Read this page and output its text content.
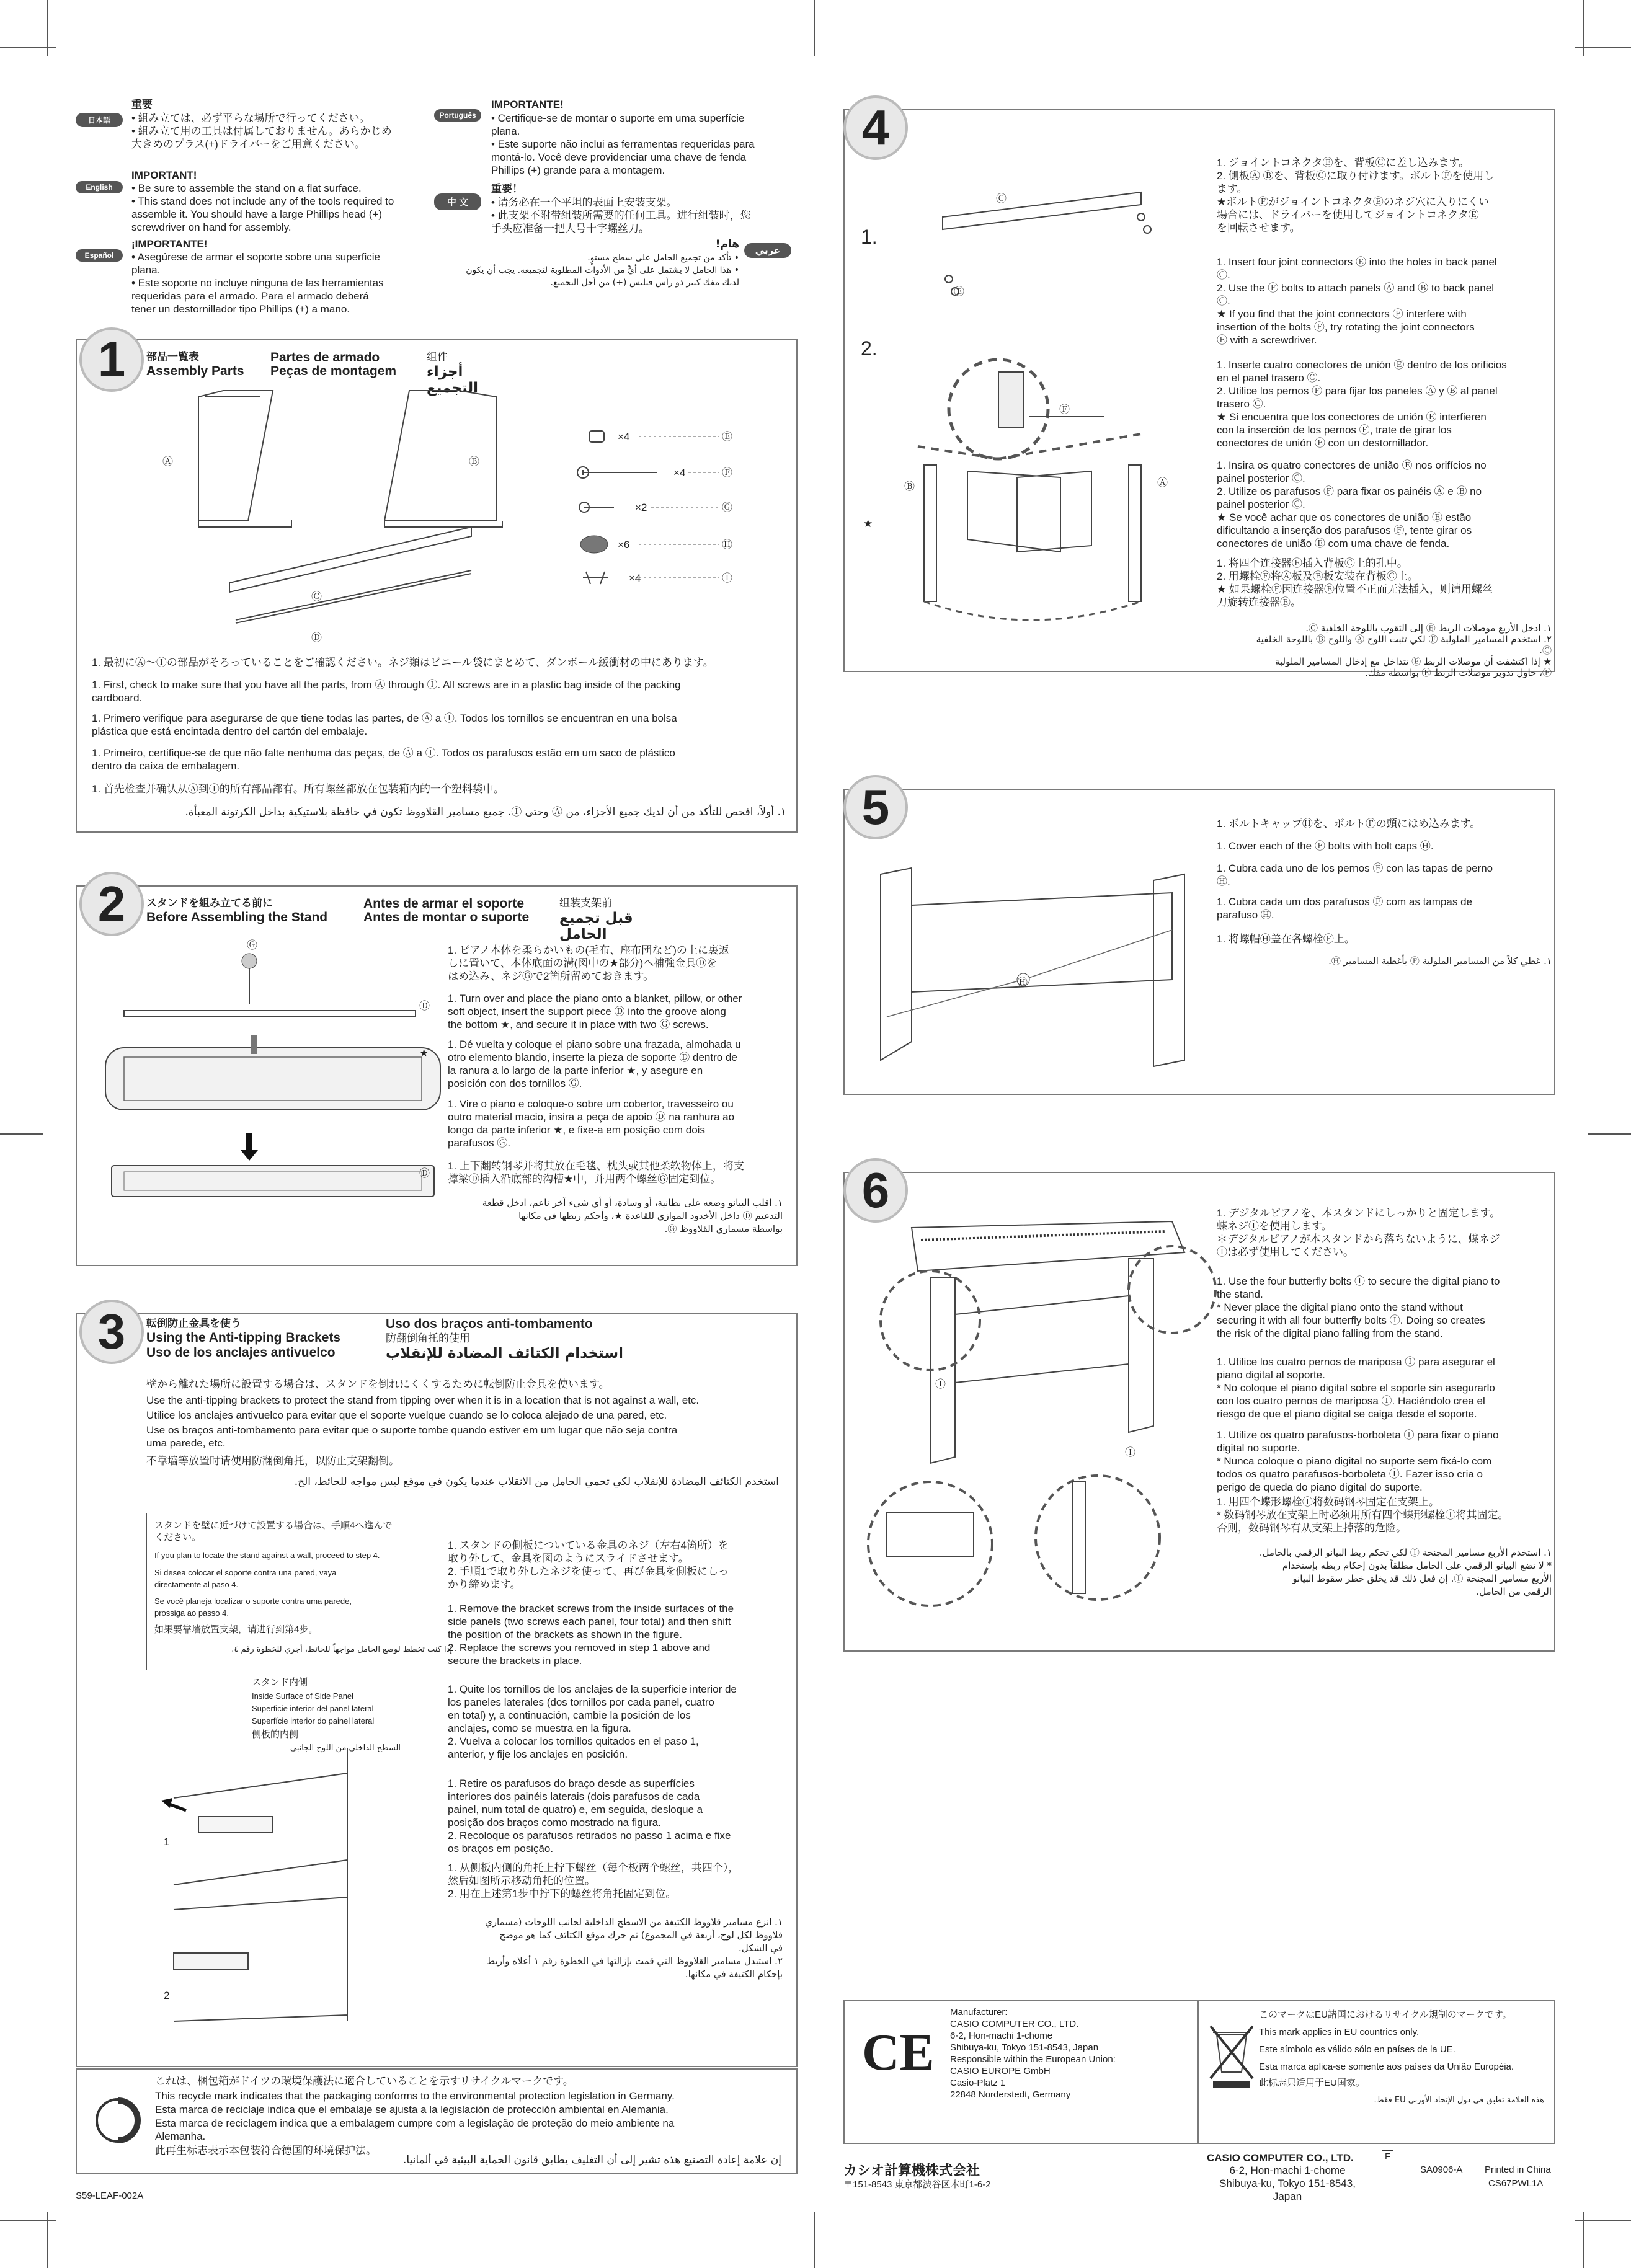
日本語
重要
• 組み立ては、必ず平らな場所で行ってください。
• 組み立て用の工具は付属しておりません。あらかじめ
大きめのプラス(+)ドライバーをご用意ください。
English
IMPORTANT!
• Be sure to assemble the stand on a flat surface.
• This stand does not include any of the tools required to
assemble it. You should have a large Phillips head (+)
screwdriver on hand for assembly.
Español
¡IMPORTANTE!
• Asegúrese de armar el soporte sobre una superficie
plana.
• Este soporte no incluye ninguna de las herramientas
requeridas para el armado. Para el armado deberá
tener un destornillador tipo Phillips (+) a mano.
Português
IMPORTANTE!
• Certifique-se de montar o suporte em uma superfície
plana.
• Este suporte não inclui as ferramentas requeridas para
montá-lo. Você deve providenciar uma chave de fenda
Phillips (+) grande para a montagem.
中 文
重要！
• 请务必在一个平坦的表面上安装支架。
• 此支架不附带组装所需要的任何工具。进行组装时，您
手头应准备一把大号十字螺丝刀。
عربي
هام!
• تأكد من تجميع الحامل على سطح مستوٍ.
• هذا الحامل لا يشتمل على أيٍّ من الأدوات المطلوبة لتجميعه. يجب أن يكون
لديك مفك كبير ذو رأس فيلبس (+) من أجل التجميع.
1	部品一覧表
Assembly Parts
Partes de armado
Peças de montagem
组件
أجزاء التجميع
×4	Ⓔ
×4	Ⓕ
×2	Ⓖ
×6	Ⓗ
×4	Ⓘ
Ⓐ	Ⓑ
Ⓒ
Ⓓ
1. 最初にⒶ〜Ⓘの部品がそろっていることをご確認ください。ネジ類はビニール袋にまとめて、ダンボール緩衝材の中にあります。
1. First, check to make sure that you have all the parts, from Ⓐ through Ⓘ. All screws are in a plastic bag inside of the packing
cardboard.
1. Primero verifique para asegurarse de que tiene todas las partes, de Ⓐ a Ⓘ. Todos los tornillos se encuentran en una bolsa
plástica que está encintada dentro del cartón del embalaje.
1. Primeiro, certifique-se de que não falte nenhuma das peças, de Ⓐ a Ⓘ. Todos os parafusos estão em um saco de plástico
dentro da caixa de embalagem.
1. 首先检查并确认从Ⓐ到Ⓘ的所有部品都有。所有螺丝都放在包装箱内的一个塑料袋中。
١. أولاً، افحص للتأكد من أن لديك جميع الأجزاء، من Ⓐ وحتى Ⓘ. جميع مسامير القلاووظ تكون في حافظة بلاستيكية بداخل الكرتونة المعبأة.
2	スタンドを組み立てる前に
Before Assembling the Stand
Antes de armar el soporte
Antes de montar o suporte
组装支架前
قبل تجميع الحامل
Ⓖ
Ⓓ
★
Ⓓ
1. ピアノ本体を柔らかいもの(毛布、座布団など)の上に裏返
しに置いて、本体底面の溝(図中の★部分)へ補強金具Ⓓを
はめ込み、ネジⒼで2箇所留めておきます。
1. Turn over and place the piano onto a blanket, pillow, or other
soft object, insert the support piece Ⓓ into the groove along
the bottom ★, and secure it in place with two Ⓖ screws.
1. Dé vuelta y coloque el piano sobre una frazada, almohada u
otro elemento blando, inserte la pieza de soporte Ⓓ dentro de
la ranura a lo largo de la parte inferior ★, y asegure en
posición con dos tornillos Ⓖ.
1. Vire o piano e coloque-o sobre um cobertor, travesseiro ou
outro material macio, insira a peça de apoio Ⓓ na ranhura ao
longo da parte inferior ★, e fixe-a em posição com dois
parafusos Ⓖ.
1. 上下翻转钢琴并将其放在毛毯、枕头或其他柔软物体上，将支
撑梁Ⓓ插入沿底部的沟槽★中，并用两个螺丝Ⓖ固定到位。
١. اقلب البيانو وضعه على بطانية، أو وسادة، أو أي شيء آخر ناعم، ادخل قطعة
التدعيم Ⓓ داخل الأخدود الموازي للقاعدة ★، وأحكم ربطها في مكانها
بواسطة مسماري القلاووظ Ⓖ.
3	転倒防止金具を使う
Using the Anti-tipping Brackets
Uso de los anclajes antivuelco
Uso dos braços anti-tombamento
防翻倒角托的使用
استخدام الكتائف المضادة للإنقلاب
壁から離れた場所に設置する場合は、スタンドを倒れにくくするために転倒防止金具を使います。
Use the anti-tipping brackets to protect the stand from tipping over when it is in a location that is not against a wall, etc.
Utilice los anclajes antivuelco para evitar que el soporte vuelque cuando se lo coloca alejado de una pared, etc.
Use os braços anti-tombamento para evitar que o suporte tombe quando estiver em um lugar que não seja contra
uma parede, etc.
不靠墙等放置时请使用防翻倒角托，以防止支架翻倒。
استخدم الكتائف المضادة للإنقلاب لكي تحمي الحامل من الانقلاب عندما يكون في موقع ليس مواجه للحائط، الخ.
スタンドを壁に近づけて設置する場合は、手順4へ進んで
ください。
If you plan to locate the stand against a wall, proceed to step 4.
Si desea colocar el soporte contra una pared, vaya
directamente al paso 4.
Se você planeja localizar o suporte contra uma parede,
prossiga ao passo 4.
如果要靠墙放置支架，请进行到第4步。
إذا كنت تخطط لوضع الحامل مواجهاً للحائط، أجري للخطوة رقم ٤.
スタンド内側
Inside Surface of Side Panel
Superficie interior del panel lateral
Superfície interior do painel lateral
侧板的内侧
السطح الداخلي من اللوح الجانبي
1
2
1. スタンドの側板についている金具のネジ（左右4箇所）を
取り外して、金具を図のようにスライドさせます。
2. 手順1で取り外したネジを使って、再び金具を側板にしっ
かり締めます。
1. Remove the bracket screws from the inside surfaces of the
side panels (two screws each panel, four total) and then shift
the position of the brackets as shown in the figure.
2. Replace the screws you removed in step 1 above and
secure the brackets in place.
1. Quite los tornillos de los anclajes de la superficie interior de
los paneles laterales (dos tornillos por cada panel, cuatro
en total) y, a continuación, cambie la posición de los
anclajes, como se muestra en la figura.
2. Vuelva a colocar los tornillos quitados en el paso 1,
anterior, y fije los anclajes en posición.
1. Retire os parafusos do braço desde as superfícies
interiores dos painéis laterais (dois parafusos de cada
painel, num total de quatro) e, em seguida, desloque a
posição dos braços como mostrado na figura.
2. Recoloque os parafusos retirados no passo 1 acima e fixe
os braços em posição.
1. 从侧板内侧的角托上拧下螺丝（每个板两个螺丝，共四个），
然后如图所示移动角托的位置。
2. 用在上述第1步中拧下的螺丝将角托固定到位。
١. انزع مسامير قلاووظ الكتيفة من الاسطح الداخلية لجانب اللوحات (مسماري
قلاووظ لكل لوح، أربعة في المجموع) ثم حرك موقع الكتائف كما هو موضح
في الشكل.
٢. استبدل مسامير القلاووظ التي قمت بإزالتها في الخطوة رقم ١ أعلاه وأربط
بإحكام الكتيفة في مكانها.
これは、梱包箱がドイツの環境保護法に適合していることを示すリサイクルマークです。
This recycle mark indicates that the packaging conforms to the environmental protection legislation in Germany.
Esta marca de reciclaje indica que el embalaje se ajusta a la legislación de protección ambiental en Alemania.
Esta marca de reciclagem indica que a embalagem cumpre com a legislação de proteção do meio ambiente na
Alemanha.
此再生标志表示本包装符合德国的环境保护法。
إن علامة إعادة التصنيع هذه تشير إلى أن التغليف يطابق قانون الحماية البيئية في ألمانيا.
S59-LEAF-002A
4
1.
2.
Ⓒ
Ⓔ
Ⓕ
Ⓑ	Ⓐ
★
1. ジョイントコネクタⒺを、背板Ⓒに差し込みます。
2. 側板Ⓐ Ⓑを、背板Ⓒに取り付けます。ボルトⒻを使用し
ます。
★ボルトⒻがジョイントコネクタⒺのネジ穴に入りにくい
場合には、ドライバーを使用してジョイントコネクタⒺ
を回転させます。
1. Insert four joint connectors Ⓔ into the holes in back panel
Ⓒ.
2. Use the Ⓕ bolts to attach panels Ⓐ and Ⓑ to back panel
Ⓒ.
★ If you find that the joint connectors Ⓔ interfere with
insertion of the bolts Ⓕ, try rotating the joint connectors
Ⓔ with a screwdriver.
1. Inserte cuatro conectores de unión Ⓔ dentro de los orificios
en el panel trasero Ⓒ.
2. Utilice los pernos Ⓕ para fijar los paneles Ⓐ y Ⓑ al panel
trasero Ⓒ.
★ Si encuentra que los conectores de unión Ⓔ interfieren
con la inserción de los pernos Ⓕ, trate de girar los
conectores de unión Ⓔ con un destornillador.
1. Insira os quatro conectores de união Ⓔ nos orifícios no
painel posterior Ⓒ.
2. Utilize os parafusos Ⓕ para fixar os painéis Ⓐ e Ⓑ no
painel posterior Ⓒ.
★ Se você achar que os conectores de união Ⓔ estão
dificultando a inserção dos parafusos Ⓕ, tente girar os
conectores de união Ⓔ com uma chave de fenda.
1. 将四个连接器Ⓔ插入背板Ⓒ上的孔中。
2. 用螺栓Ⓕ将Ⓐ板及Ⓑ板安装在背板Ⓒ上。
★ 如果螺栓Ⓕ因连接器Ⓔ位置不正而无法插入，则请用螺丝
刀旋转连接器Ⓔ。
١. ادخل الأربع موصلات الربط Ⓔ إلى الثقوب باللوحة الخلفية Ⓒ.
٢. استخدم المسامير الملولبة Ⓕ لكي تثبت اللوح Ⓐ واللوح Ⓑ باللوحة الخلفية
Ⓒ.
★ إذا اكتشفت أن موصلات الربط Ⓔ تتداخل مع إدخال المسامير الملولبة
Ⓕ، حاول تدوير موصلات الربط Ⓔ بواسطة مفك.
5
Ⓗ
1. ボルトキャップⒽを、ボルトⒻの頭にはめ込みます。
1. Cover each of the Ⓕ bolts with bolt caps Ⓗ.
1. Cubra cada uno de los pernos Ⓕ con las tapas de perno
Ⓗ.
1. Cubra cada um dos parafusos Ⓕ com as tampas de
parafuso Ⓗ.
1. 将螺帽Ⓗ盖在各螺栓Ⓕ上。
١. غطي كلاً من المسامير الملولبة Ⓕ بأغطية المسامير Ⓗ.
6
Ⓘ
Ⓘ
1. デジタルピアノを、本スタンドにしっかりと固定します。
蝶ネジⒾを使用します。
＊デジタルピアノが本スタンドから落ちないように、蝶ネジ
Ⓘは必ず使用してください。
1. Use the four butterfly bolts Ⓘ to secure the digital piano to
the stand.
* Never place the digital piano onto the stand without
securing it with all four butterfly bolts Ⓘ. Doing so creates
the risk of the digital piano falling from the stand.
1. Utilice los cuatro pernos de mariposa Ⓘ para asegurar el
piano digital al soporte.
* No coloque el piano digital sobre el soporte sin asegurarlo
con los cuatro pernos de mariposa Ⓘ. Haciéndolo crea el
riesgo de que el piano digital se caiga desde el soporte.
1. Utilize os quatro parafusos-borboleta Ⓘ para fixar o piano
digital no suporte.
* Nunca coloque o piano digital no suporte sem fixá-lo com
todos os quatro parafusos-borboleta Ⓘ. Fazer isso cria o
perigo de queda do piano digital do suporte.
1. 用四个蝶形螺栓Ⓘ将数码钢琴固定在支架上。
* 数码钢琴放在支架上时必须用所有四个蝶形螺栓Ⓘ将其固定。
否则，数码钢琴有从支架上掉落的危险。
١. استخدم الأربع مسامير المجنحة Ⓘ لكي تحكم ربط البيانو الرقمي بالحامل.
* لا تضع البيانو الرقمي على الحامل مطلقاً بدون إحكام ربطه بإستخدام
الأربع مسامير المجنحة Ⓘ. إن فعل ذلك قد يخلق خطر سقوط البيانو
الرقمي من الحامل.
CE
Manufacturer:
CASIO COMPUTER CO., LTD.
6-2, Hon-machi 1-chome
Shibuya-ku, Tokyo 151-8543, Japan
Responsible within the European Union:
CASIO EUROPE GmbH
Casio-Platz 1
22848 Norderstedt, Germany
このマークはEU諸国におけるリサイクル規制のマークです。
This mark applies in EU countries only.
Este símbolo es válido sólo en países de la UE.
Esta marca aplica-se somente aos países da União Européia.
此标志只适用于EU国家。
هذه العلامة تطبق في دول الإتحاد الأوربي EU فقط.
カシオ計算機株式会社
〒151-8543 東京都渋谷区本町1-6-2
CASIO COMPUTER CO., LTD.	F
6-2, Hon-machi 1-chome
Shibuya-ku, Tokyo 151-8543, Japan
SA0906-A Printed in China
CS67PWL1A
